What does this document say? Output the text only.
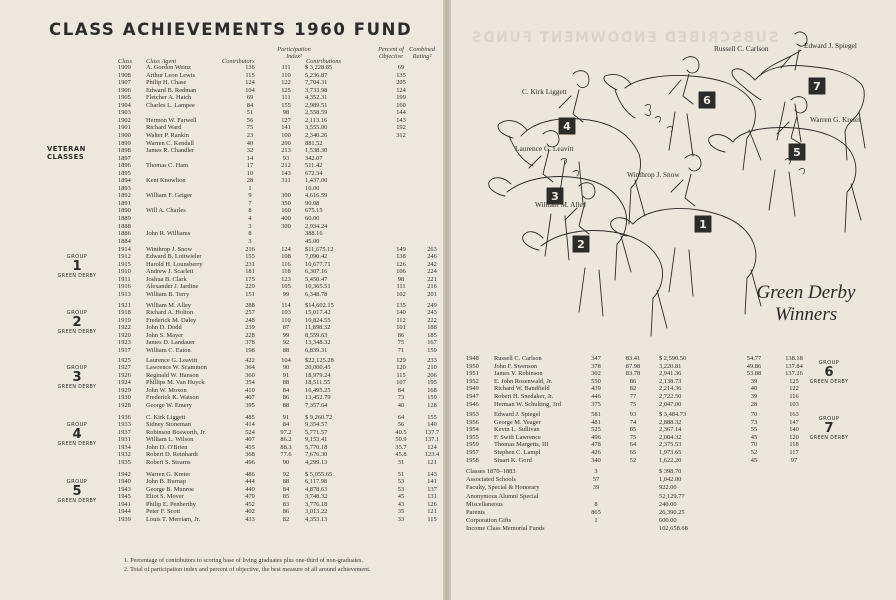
CLASS ACHIEVEMENTS 1960 FUND	SUBSCRIBED ENDOWMENT FUNDS
Class Class Agent	Contributors
Participation Index¹
Contributions
Percent of Objective
Combined Rating²
VETERAN CLASSES
1909	A. Gordon Weinz	136	111	$ 3,228.85	69
1908	Arthur Leon Lewis	115	110	5,236.87	135
1907	Philip H. Chase	124	122	7,704.31	205
1906	Edward B. Redman	104	125	3,733.98	124
1905	Fletcher A. Hatch	69	111	4,352.31	199
1904	Charles L. Lampee	84	155	2,989.51	160
1903	51	98	2,558.59	144
1902	Hermon W. Farwell	56	127	2,113.16	143
1901	Richard Ward	75	141	3,555.00	192
1900	Walter P. Rankin	23	100	2,340.26	312
1899	Warren C. Kendall	40	200	881.52
1898	James R. Chandler	32	213	1,538.30
1897	14	93	342.07
1896	Thomas C. Ham	17	212	511.42
1895	10	143	672.34
1894	Kent Knowlton	28	311	1,437.00
1893	1	10.00
1892	William F. Geiger	9	300	4,616.59
1891	7	350	90.08
1890	Will A. Charles	8	160	675.15
1889	4	400	60.00
1888	3	300	2,934.24
1886	John R. Williams	8	388.16
1884	3	45.00
1914	Winthrop J. Snow	216	124	$11,675.12	149	263
1912	Edward B. Loitwieler	155	108	7,090.42	138	246
1915	Harold H. Lounsberry	231	116	10,677.71	126	242
1910	Andrew J. Scarlett	181	118	6,307.16	106	224
1911	Joshua B. Clark	175	123	5,450.47	98	221
1916	Alexander J. Jardine	229	105	10,365.51	111	216
1913	William B. Terry	151	99	6,348.78	102	201
1921	William M. Alley	288	114	$14,602.15	135	249
1918	Richard A. Holton	257	103	15,017.42	140	243
1919	Frederick M. Daley	248	110	10,824.55	112	222
1922	John D. Dodd	239	87	11,898.32	101	188
1920	John S. Mayer	228	99	8,559.63	86	185
1923	James D. Landauer	378	92	13,348.32	75	167
1917	William C. Eaton	198	88	6,839.31	71	159
1925	Laurence G. Leavitt	422	104	$22,125.28	129	233
1927	Lawrence W. Scammon	364	90	20,000.45	120	210
1926	Reginald W. Hanson	360	91	18,979.24	115	206
1924	Phillips M. Van Huyck	354	88	18,511.55	107	195
1929	John W. Moxon	410	84	16,495.25	84	168
1930	Frederick K. Watson	407	86	13,452.79	73	159
1928	George W. Emery	395	88	7,357.64	40	128
1936	C. Kirk Liggett	485	91	$ 9,260.72	64	155
1933	Sidney Stoneman	414	84	9,354.57	56	140
1937	Robinson Bosworth, Jr.	524	97.2	5,771.57	40.5	137.7
1931	William L. Wilson	407	86.2	9,153.41	50.9	137.1
1934	John D. O'Brien	455	88.3	5,770.18	35.7	124
1932	Robert D. Reinhardt	368	77.6	7,676.30	45.8	123.4
1935	Robert S. Stearns	496	90	4,299.13	31	121
1942	Warren G. Kreter	486	92	$ 5,055.65	51	143
1940	John B. Burnap	444	88	6,117.98	53	141
1943	George B. Munroe	440	84	4,878.63	53	137
1945	Eliot S. Mover	479	85	3,748.32	45	131
1941	Philip E. Penberthy	452	83	3,776.18	43	126
1944	Peter F. Scott	402	86	3,013.22	35	121
1939	Louis T. Merriam, Jr.	433	82	4,353.13	33	115
GROUP
1
GREEN DERBY
GROUP
2
GREEN DERBY
GROUP
3
GREEN DERBY
GROUP
4
GREEN DERBY
GROUP
5
GREEN DERBY
1. Percentage of contributors to scoring base of living graduates plus one-third of non-graduates.
2. Total of participation index and percent of objective, the best measure of all around achievement.
4
6
5
3
2
1
7
Russell C. Carlson	Edward J. Spiegel
C. Kirk Liggett
Warren G. Kreter
Laurence G. Leavitt
Winthrop J. Snow
William M. Alley
Green Derby
Winners
1948 Russell C. Carlson	347	83.41	$ 2,590.50	54.77	138.18
1950 John F. Swenson	378	87.98	3,220.81	49.86	137.84
1951 James V. Robinson	302	83.78	2,941.36	53.88	137.26
1952 E. John Rosenwald, Jr.	550	86	2,138.73	39	125
1949 Richard W. Bandfield	439	82	2,214.36	40	122
1947 Robert H. Snedaker, Jr.	446	77	2,722.50	39	116
1946 Herman W. Schulting, 3rd	375	75	2,047.00	28	103
1953 Edward J. Spiegel	581	93	$ 3,484.73	70	163
1956 George M. Yeager	481	74	2,888.32	73	147
1954 Kevin L. Sullivan	525	85	2,367.14	55	140
1955 F. Swift Lawrence	496	75	2,004.32	45	120
1959 Thomas Margetts, III	478	64	2,375.53	70	118
1957 Stephen C. Lampl	426	65	1,973.65	52	117
1958 Stuart K. Gord	340	52	1,622.20	45	97
Classes 1870–1883	3	$ 398.70
Associated Schools	57	1,042.00
Faculty, Special & Honorary	39	922.00
Anonymous Alumni Special	52,129.77
Miscellaneous	8	240.00
Parents	865	26,390.25
Corporation Gifts	1	600.00
Income Class Memorial Funds	102,658.68
GROUP
6
GREEN DERBY
GROUP
7
GREEN DERBY
